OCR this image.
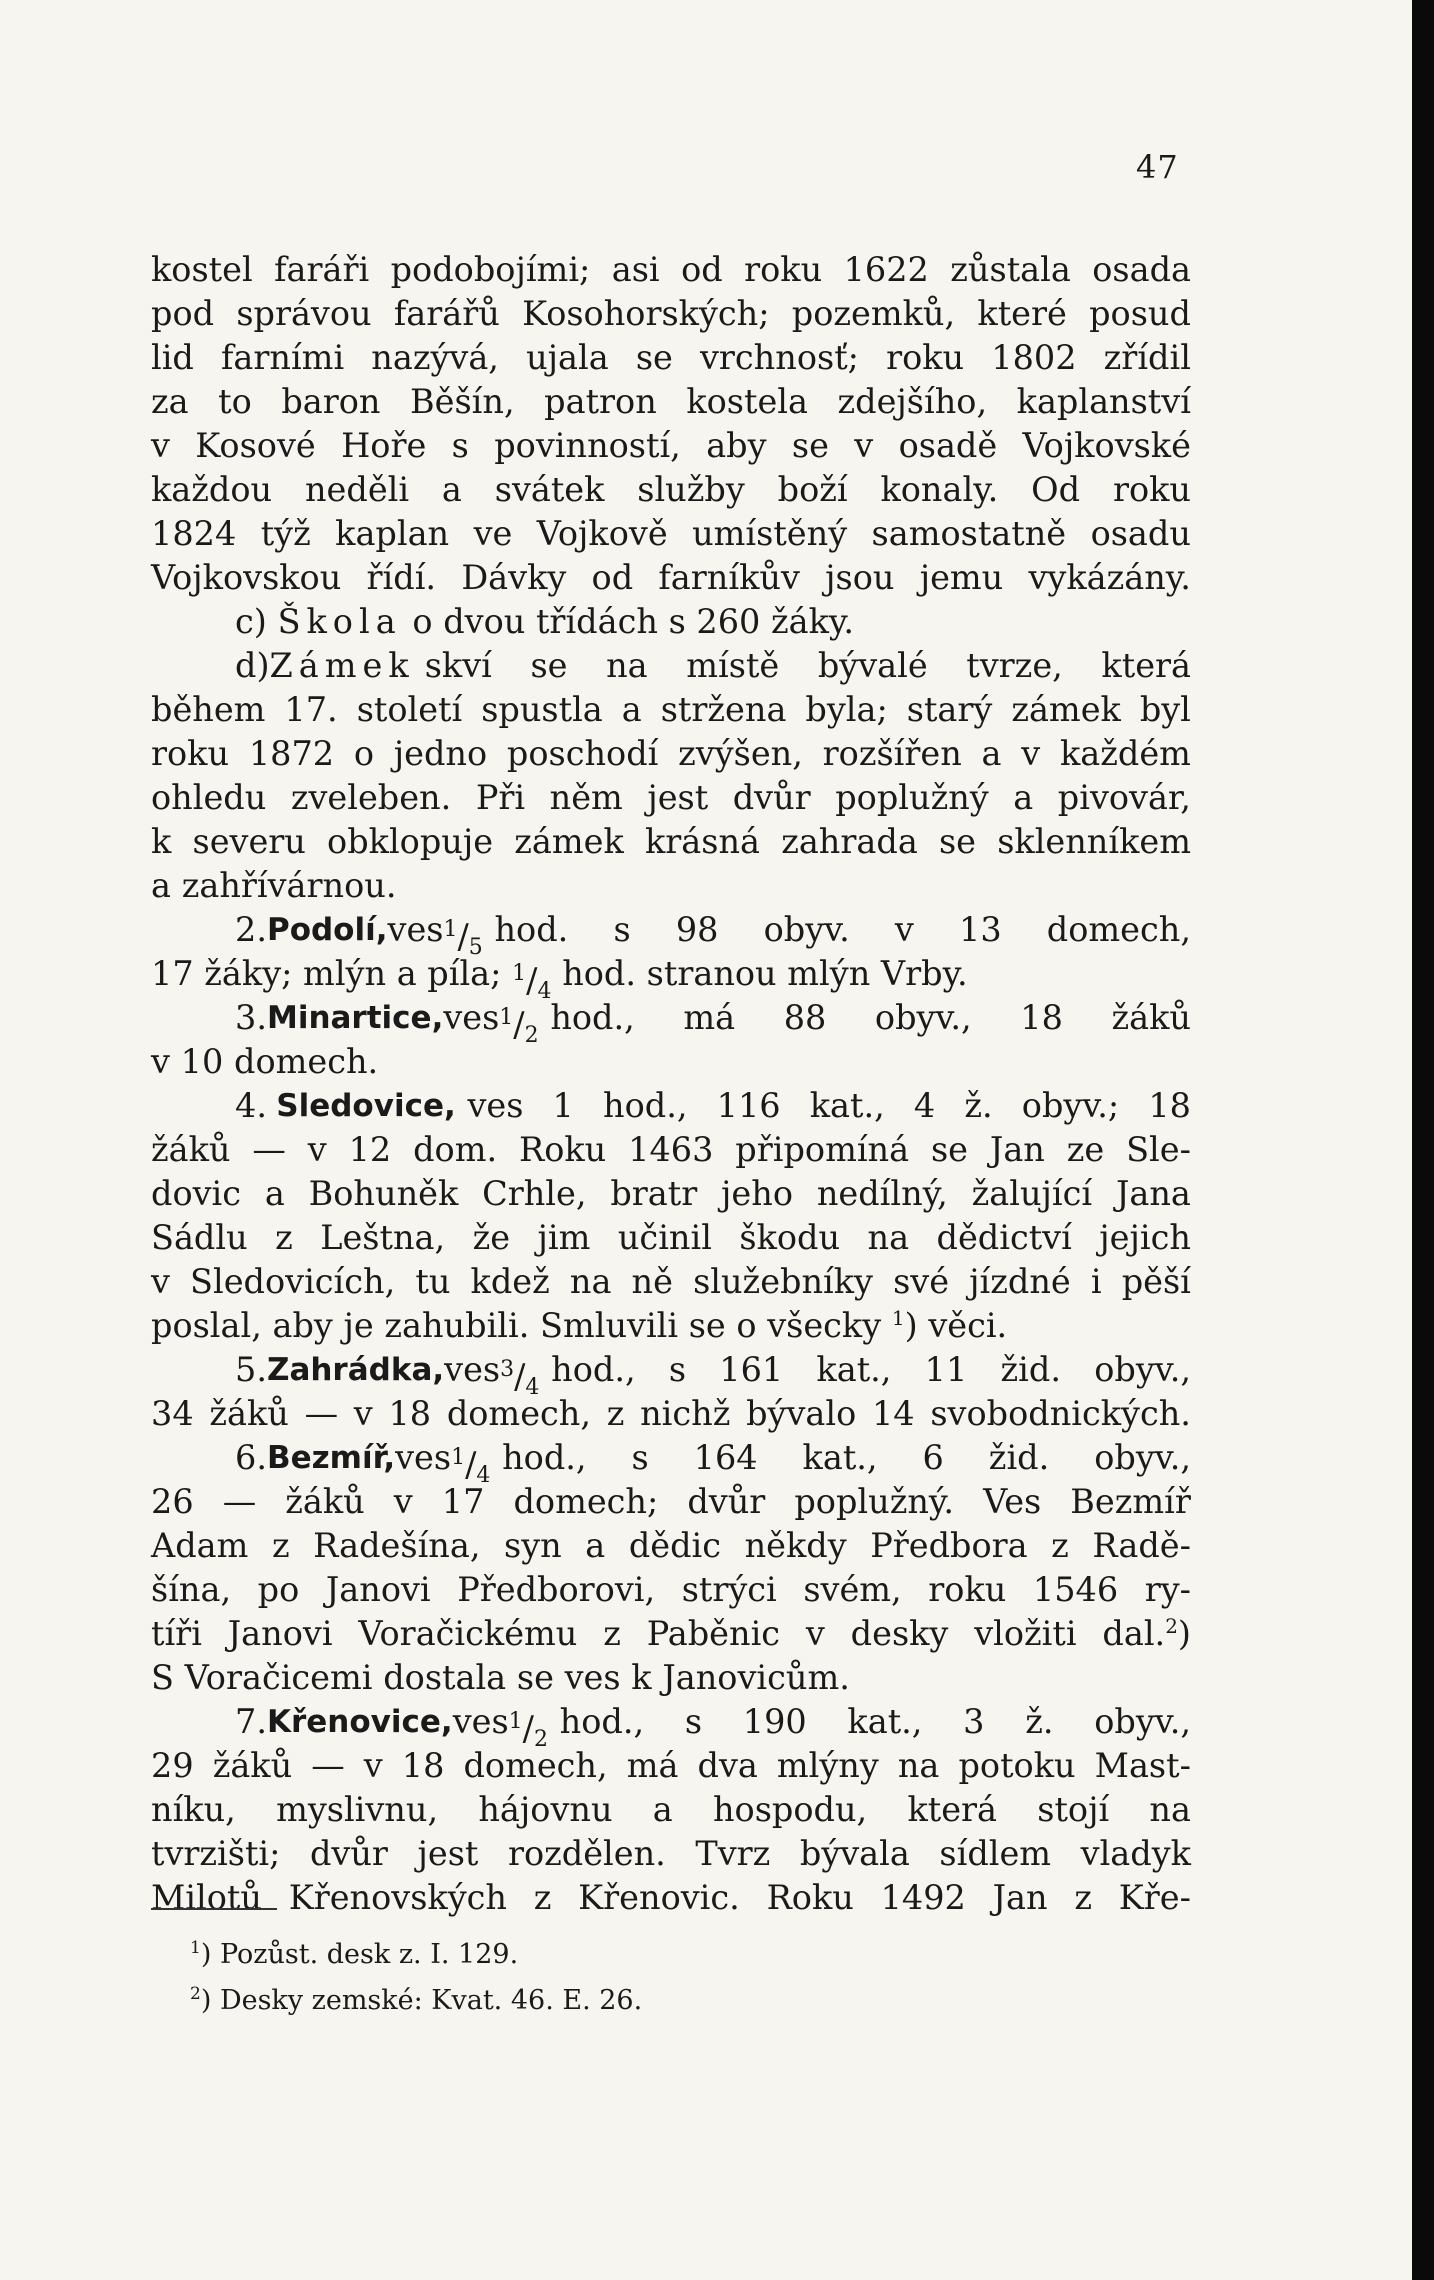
47
kostel faráři podobojími; asi od roku 1622 zůstala osada
pod správou farářů Kosohorských; pozemků, které posud
lid farními nazývá, ujala se vrchnosť; roku 1802 zřídil
za to baron Běšín, patron kostela zdejšího, kaplanství
v Kosové Hoře s povinností, aby se v osadě Vojkovské
každou neděli a svátek služby boží konaly. Od roku
1824 týž kaplan ve Vojkově umístěný samostatně osadu
Vojkovskou řídí. Dávky od farníkův jsou jemu vykázány.
c) Škola o dvou třídách s 260 žáky.
d) Zámek skví se na místě bývalé tvrze, která
během 17. století spustla a stržena byla; starý zámek byl
roku 1872 o jedno poschodí zvýšen, rozšířen a v každém
ohledu zveleben. Při něm jest dvůr poplužný a pivovár,
k severu obklopuje zámek krásná zahrada se sklenníkem
a zahřívárnou.
2. Podolí, ves $^1$/5 hod. s 98 obyv. v 13 domech,
17 žáky; mlýn a píla; $^1$/4 hod. stranou mlýn Vrby.
3. Minartice, ves $^1$/2 hod., má 88 obyv., 18 žáků
v 10 domech.
4. Sledovice, ves 1 hod., 116 kat., 4 ž. obyv.; 18
žáků — v 12 dom. Roku 1463 připomíná se Jan ze Sle-
dovic a Bohuněk Crhle, bratr jeho nedílný, žalující Jana
Sádlu z Leštna, že jim učinil škodu na dědictví jejich
v Sledovicích, tu kdež na ně služebníky své jízdné i pěší
poslal, aby je zahubili. Smluvili se o všecky $^1$) věci.
5. Zahrádka, ves $^3$/4 hod., s 161 kat., 11 žid. obyv.,
34 žáků — v 18 domech, z nichž bývalo 14 svobodnických.
6. Bezmíř, ves $^1$/4 hod., s 164 kat., 6 žid. obyv.,
26 — žáků v 17 domech; dvůr poplužný. Ves Bezmíř
Adam z Radešína, syn a dědic někdy Předbora z Radě-
šína, po Janovi Předborovi, strýci svém, roku 1546 ry-
tíři Janovi Voračickému z Paběnic v desky vložiti dal. $^2$)
S Voračicemi dostala se ves k Janovicům.
7. Křenovice, ves $^1$/2 hod., s 190 kat., 3 ž. obyv.,
29 žáků — v 18 domech, má dva mlýny na potoku Mast-
níku, myslivnu, hájovnu a hospodu, která stojí na
tvrzišti; dvůr jest rozdělen. Tvrz bývala sídlem vladyk
Milotů Křenovských z Křenovic. Roku 1492 Jan z Kře-
$^1$) Pozůst. desk z. I. 129.
$^2$) Desky zemské: Kvat. 46. E. 26.
